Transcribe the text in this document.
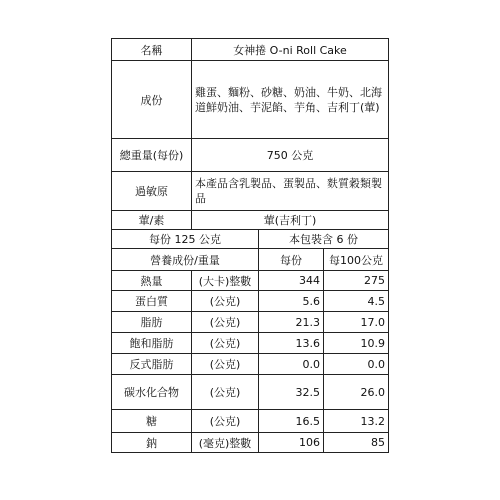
名稱	女神捲 O-ni Roll Cake		
成份	雞蛋、麵粉、砂糖、奶油、牛奶、北海道鮮奶油、芋泥餡、芋角、吉利丁(葷)		
總重量(每份)	750 公克		
過敏原	本產品含乳製品、蛋製品、麩質穀類製品		
葷/素	葷(吉利丁)		
每份 125 公克		本包裝含 6 份	
營養成份/重量		每份	每100公克
熱量	(大卡)整數	344	275
蛋白質	(公克)	5.6	4.5
脂肪	(公克)	21.3	17.0
飽和脂肪	(公克)	13.6	10.9
反式脂肪	(公克)	0.0	0.0
碳水化合物	(公克)	32.5	26.0
糖	(公克)	16.5	13.2
鈉	(毫克)整數	106	85
